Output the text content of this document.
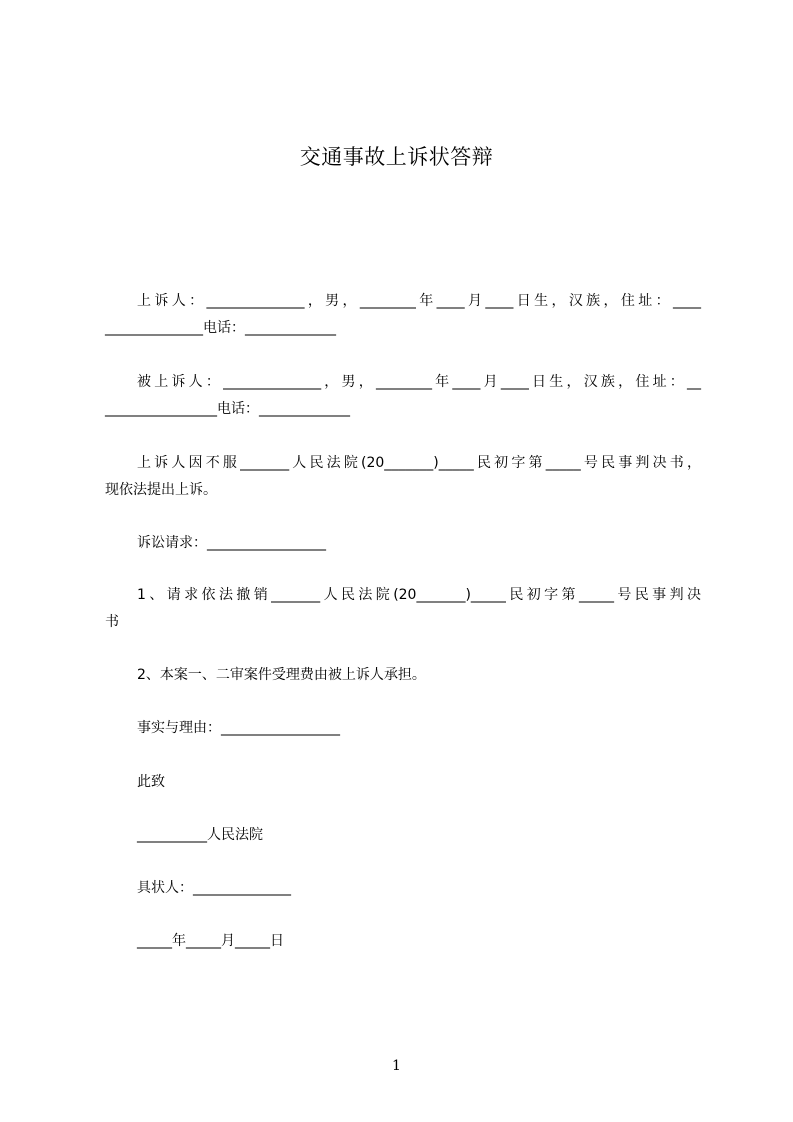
交通事故上诉状答辩
上诉人：______________，男，________年____月____日生，汉族，住址：____
______________电话：_____________
被上诉人：______________，男，________年____月____日生，汉族，住址：__
________________电话：_____________
上诉人因不服_______人民法院(20_______)_____民初字第_____号民事判决书，
现依法提出上诉。
诉讼请求：_________________
1、请求依法撤销_______人民法院(20_______)_____民初字第_____号民事判决
书
2、本案一、二审案件受理费由被上诉人承担。
事实与理由：_________________
此致
__________人民法院
具状人：______________
_____年_____月_____日
1
